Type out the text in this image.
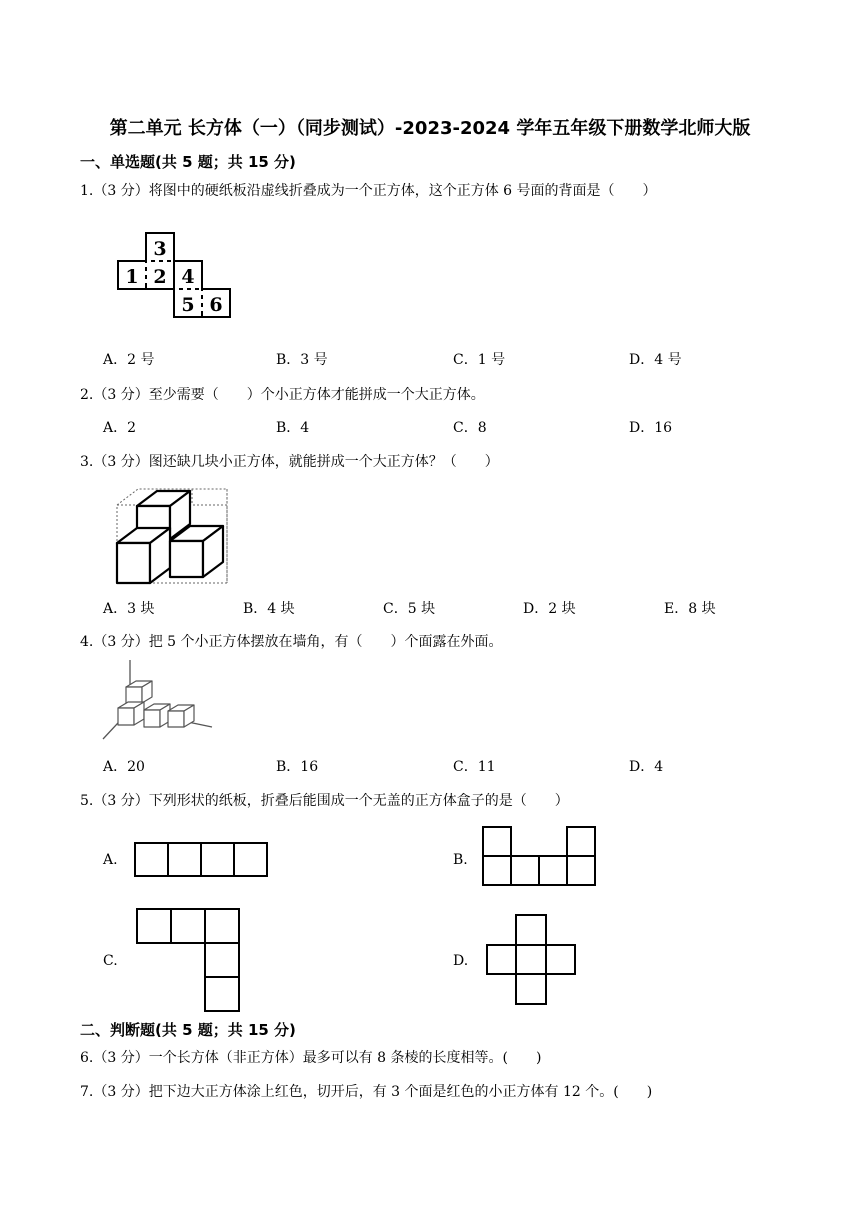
第二单元 长方体（一）（同步测试）-2023-2024 学年五年级下册数学北师大版
一、单选题(共 5 题；共 15 分)
1.（3 分）将图中的硬纸板沿虚线折叠成为一个正方体，这个正方体 6 号面的背面是（　　）
3
1 2 4
5 6
A．2 号	B．3 号	C．1 号	D．4 号
2.（3 分）至少需要（　　）个小正方体才能拼成一个大正方体。
A．2	B．4	C．8	D．16
3.（3 分）图还缺几块小正方体，就能拼成一个大正方体？（　　）
A．3 块	B．4 块	C．5 块	D．2 块	E．8 块
4.（3 分）把 5 个小正方体摆放在墙角，有（　　）个面露在外面。
A．20	B．16	C．11	D．4
5.（3 分）下列形状的纸板，折叠后能围成一个无盖的正方体盒子的是（　　）
A.	B.
C.	D.
二、判断题(共 5 题；共 15 分)
6.（3 分）一个长方体（非正方体）最多可以有 8 条棱的长度相等。(　　)
7.（3 分）把下边大正方体涂上红色，切开后，有 3 个面是红色的小正方体有 12 个。(　　)
